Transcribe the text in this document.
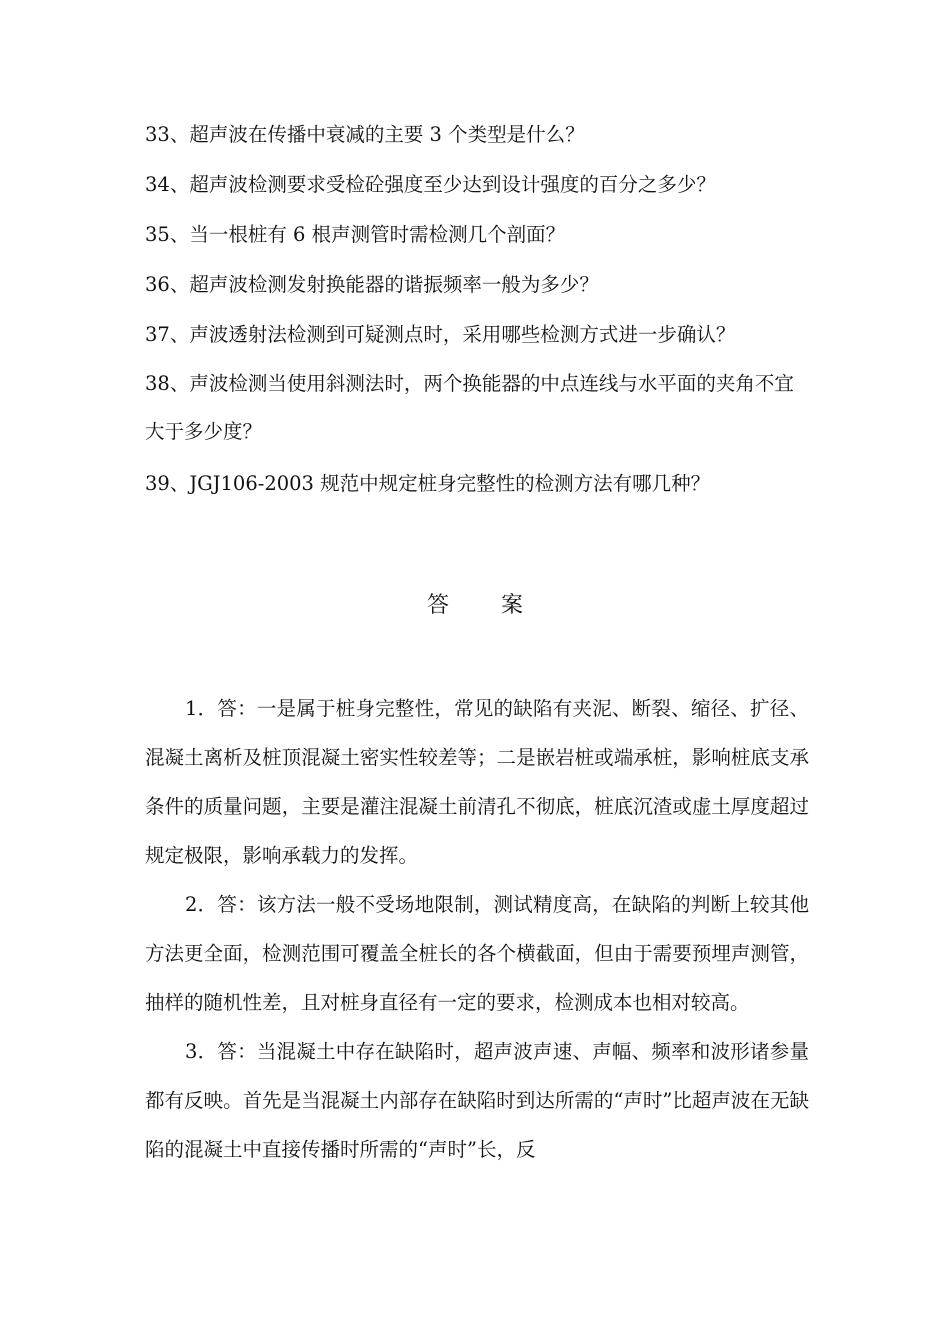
33、超声波在传播中衰减的主要 3 个类型是什么？

34、超声波检测要求受检砼强度至少达到设计强度的百分之多少？

35、当一根桩有 6 根声测管时需检测几个剖面？

36、超声波检测发射换能器的谐振频率一般为多少？

37、声波透射法检测到可疑测点时，采用哪些检测方式进一步确认？

38、声波检测当使用斜测法时，两个换能器的中点连线与水平面的夹角不宜大于多少度？

39、JGJ106-2003 规范中规定桩身完整性的检测方法有哪几种？

答案

1．答：一是属于桩身完整性，常见的缺陷有夹泥、断裂、缩径、扩径、混凝土离析及桩顶混凝土密实性较差等；二是嵌岩桩或端承桩，影响桩底支承条件的质量问题，主要是灌注混凝土前清孔不彻底，桩底沉渣或虚土厚度超过规定极限，影响承载力的发挥。

2．答：该方法一般不受场地限制，测试精度高，在缺陷的判断上较其他方法更全面，检测范围可覆盖全桩长的各个横截面，但由于需要预埋声测管，抽样的随机性差，且对桩身直径有一定的要求，检测成本也相对较高。

3．答：当混凝土中存在缺陷时，超声波声速、声幅、频率和波形诸参量都有反映。首先是当混凝土内部存在缺陷时到达所需的“声时”比超声波在无缺陷的混凝土中直接传播时所需的“声时”长，反
